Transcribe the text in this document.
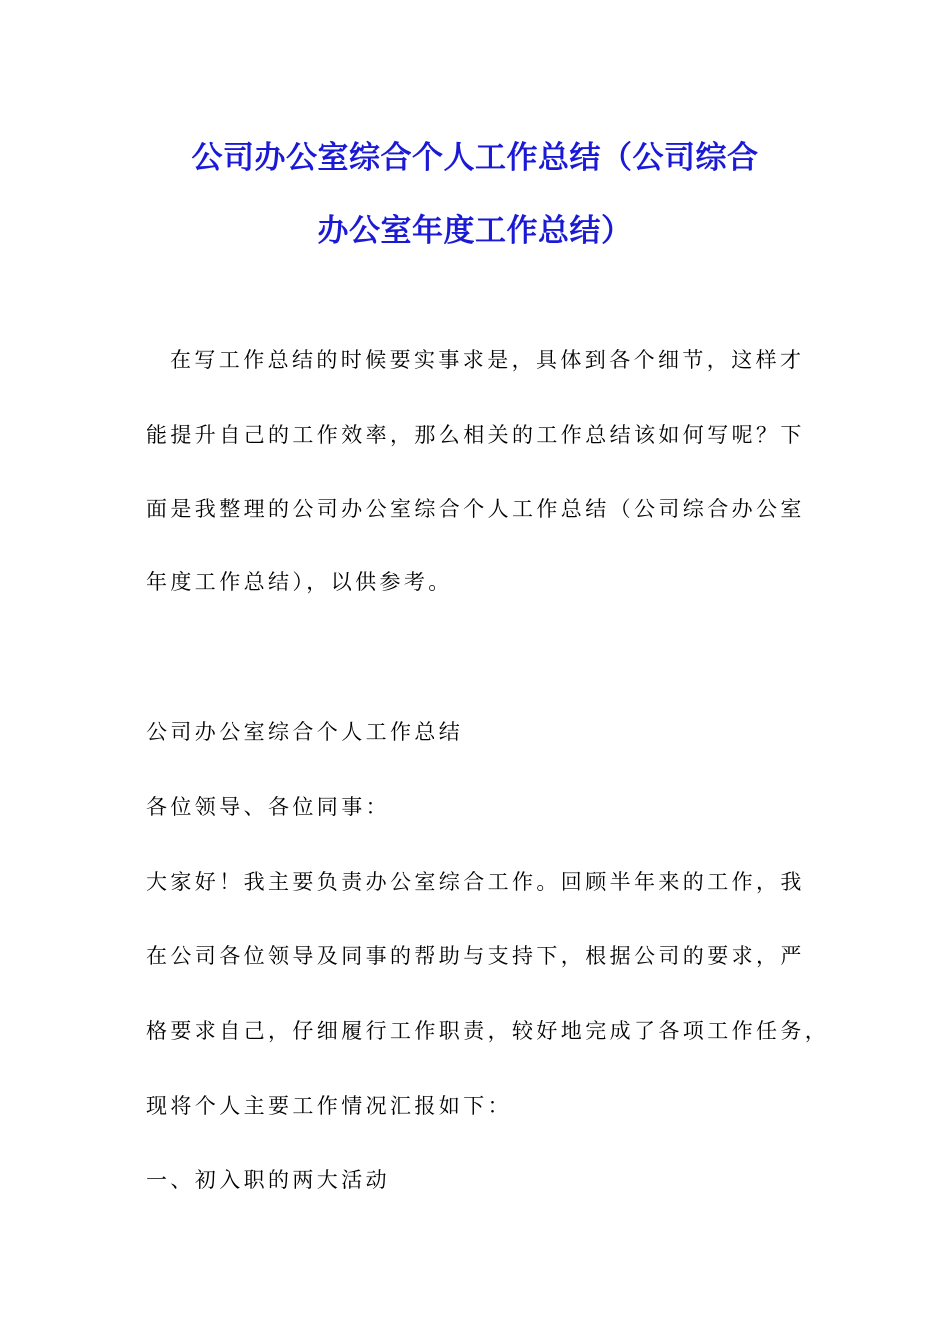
公司办公室综合个人工作总结（公司综合
办公室年度工作总结）

在写工作总结的时候要实事求是，具体到各个细节，这样才

能提升自己的工作效率，那么相关的工作总结该如何写呢？下

面是我整理的公司办公室综合个人工作总结（公司综合办公室

年度工作总结），以供参考。

公司办公室综合个人工作总结

各位领导、各位同事：

大家好！我主要负责办公室综合工作。回顾半年来的工作，我

在公司各位领导及同事的帮助与支持下，根据公司的要求，严

格要求自己，仔细履行工作职责，较好地完成了各项工作任务，

现将个人主要工作情况汇报如下：

一、初入职的两大活动
